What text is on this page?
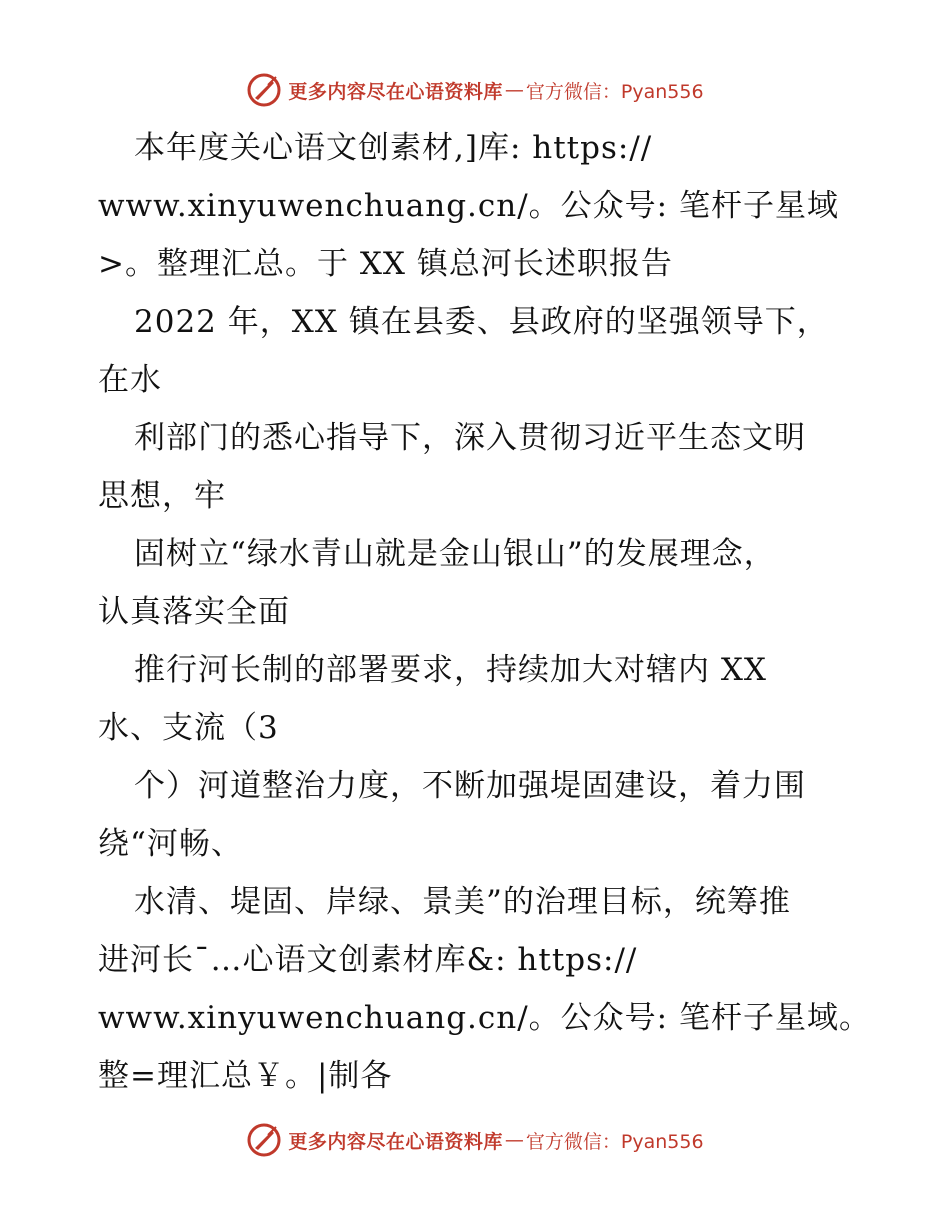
更多内容尽在心语资料库 — 官方微信：Pyan556
本年度关心语文创素材,]库: https://
www.xinyuwenchuang.cn/。公众号: 笔杆子星域
>。整理汇总。于 XX 镇总河长述职报告
2022 年，XX 镇在县委、县政府的坚强领导下，
在水
利部门的悉心指导下，深入贯彻习近平生态文明
思想，牢
固树立“绿水青山就是金山银山”的发展理念，
认真落实全面
推行河长制的部署要求，持续加大对辖内 XX
水、支流（3
个）河道整治力度，不断加强堤固建设，着力围
绕“河畅、
水清、堤固、岸绿、景美”的治理目标，统筹推
进河长¯…心语文创素材库&: https://
www.xinyuwenchuang.cn/。公众号: 笔杆子星域。
整=理汇总￥。|制各
更多内容尽在心语资料库 — 官方微信：Pyan556
